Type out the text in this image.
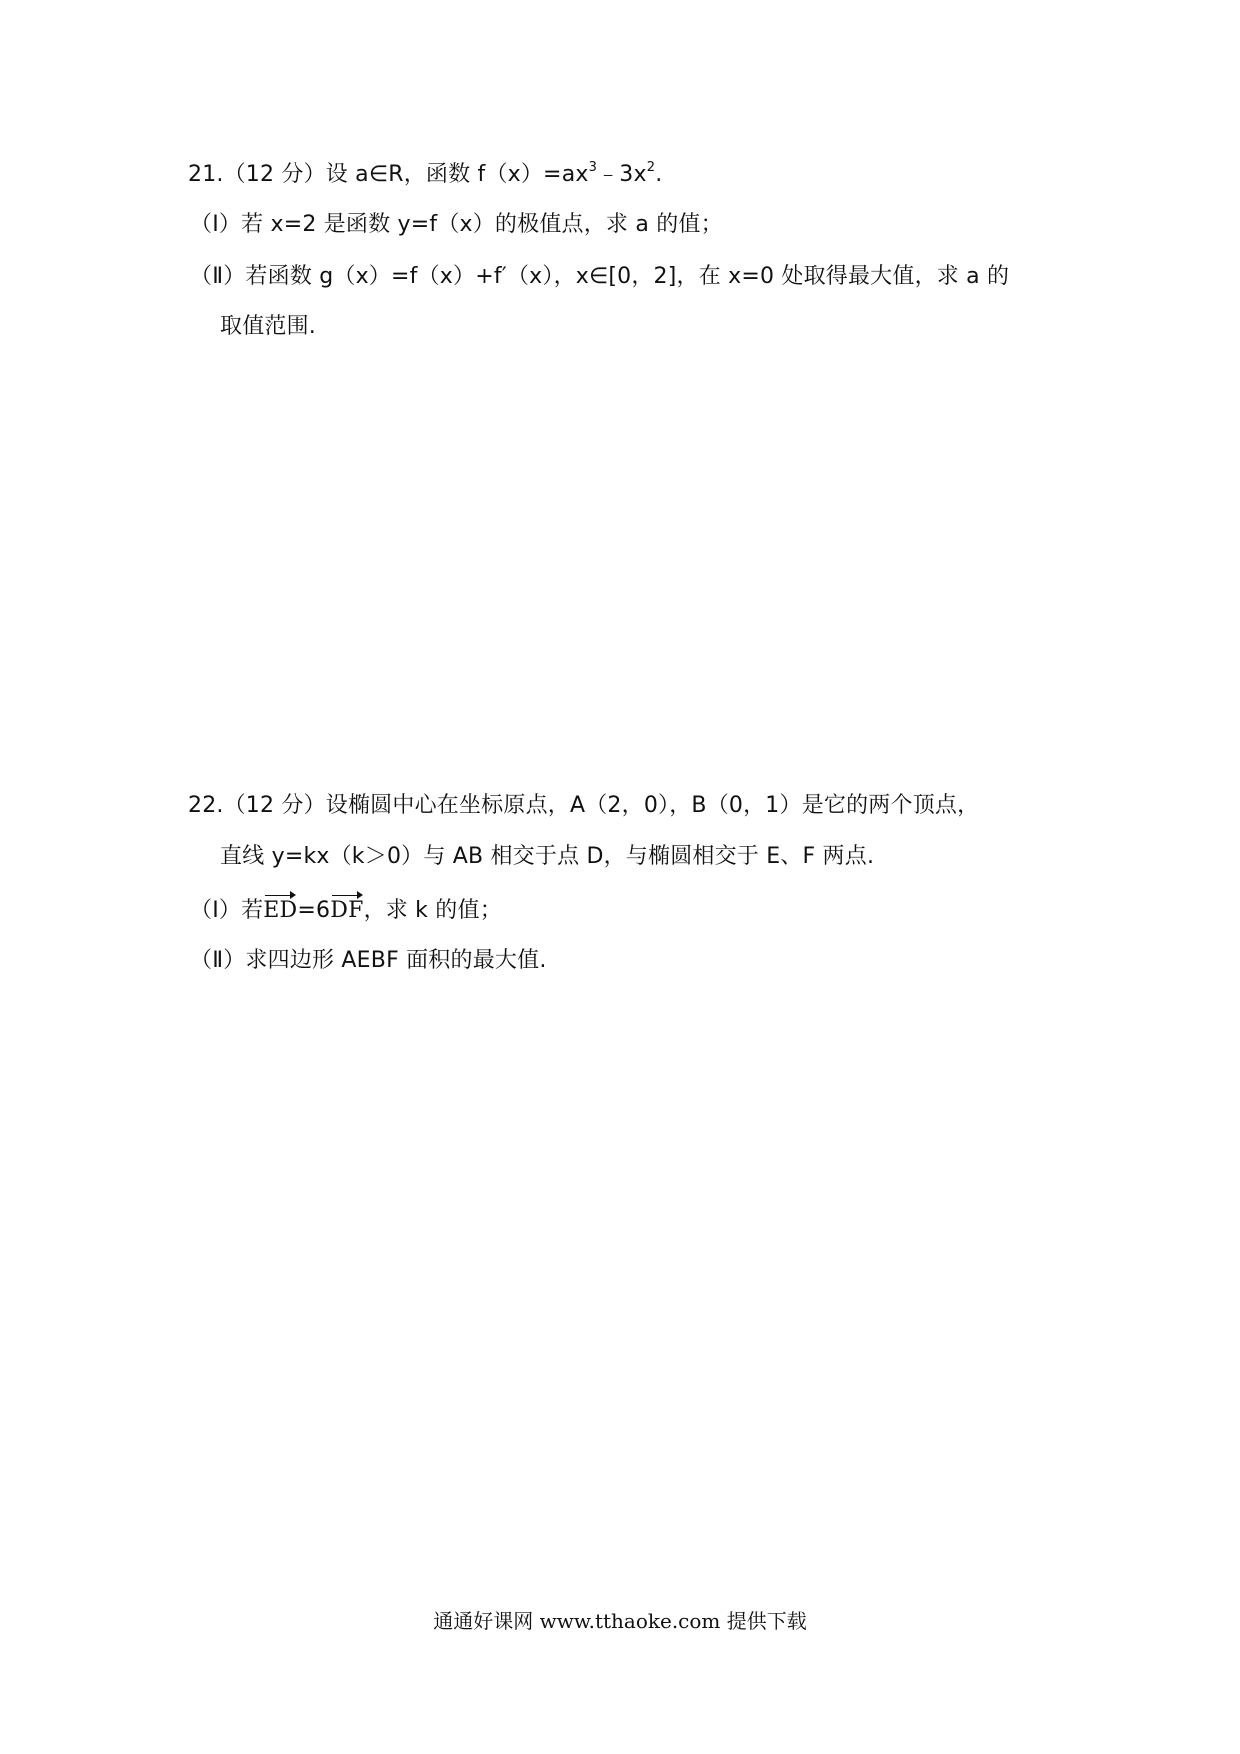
21.（12 分）设 a∈R，函数 $f(x)=ax^3﹣3x^2$.
（Ⅰ）若 x=2 是函数 y=f（x）的极值点，求 a 的值；
（Ⅱ）若函数 g（x）=f（x）+f′（x），x∈[0，2]，在 x=0 处取得最大值，求 a 的
取值范围.
22.（12 分）设椭圆中心在坐标原点，A（2，0），B（0，1）是它的两个顶点，
直线 y=kx（k＞0）与 AB 相交于点 D，与椭圆相交于 E、F 两点.
（Ⅰ）若ED=6DF，求 k 的值；
（Ⅱ）求四边形 AEBF 面积的最大值.
通通好课网 www.tthaoke.com 提供下载
